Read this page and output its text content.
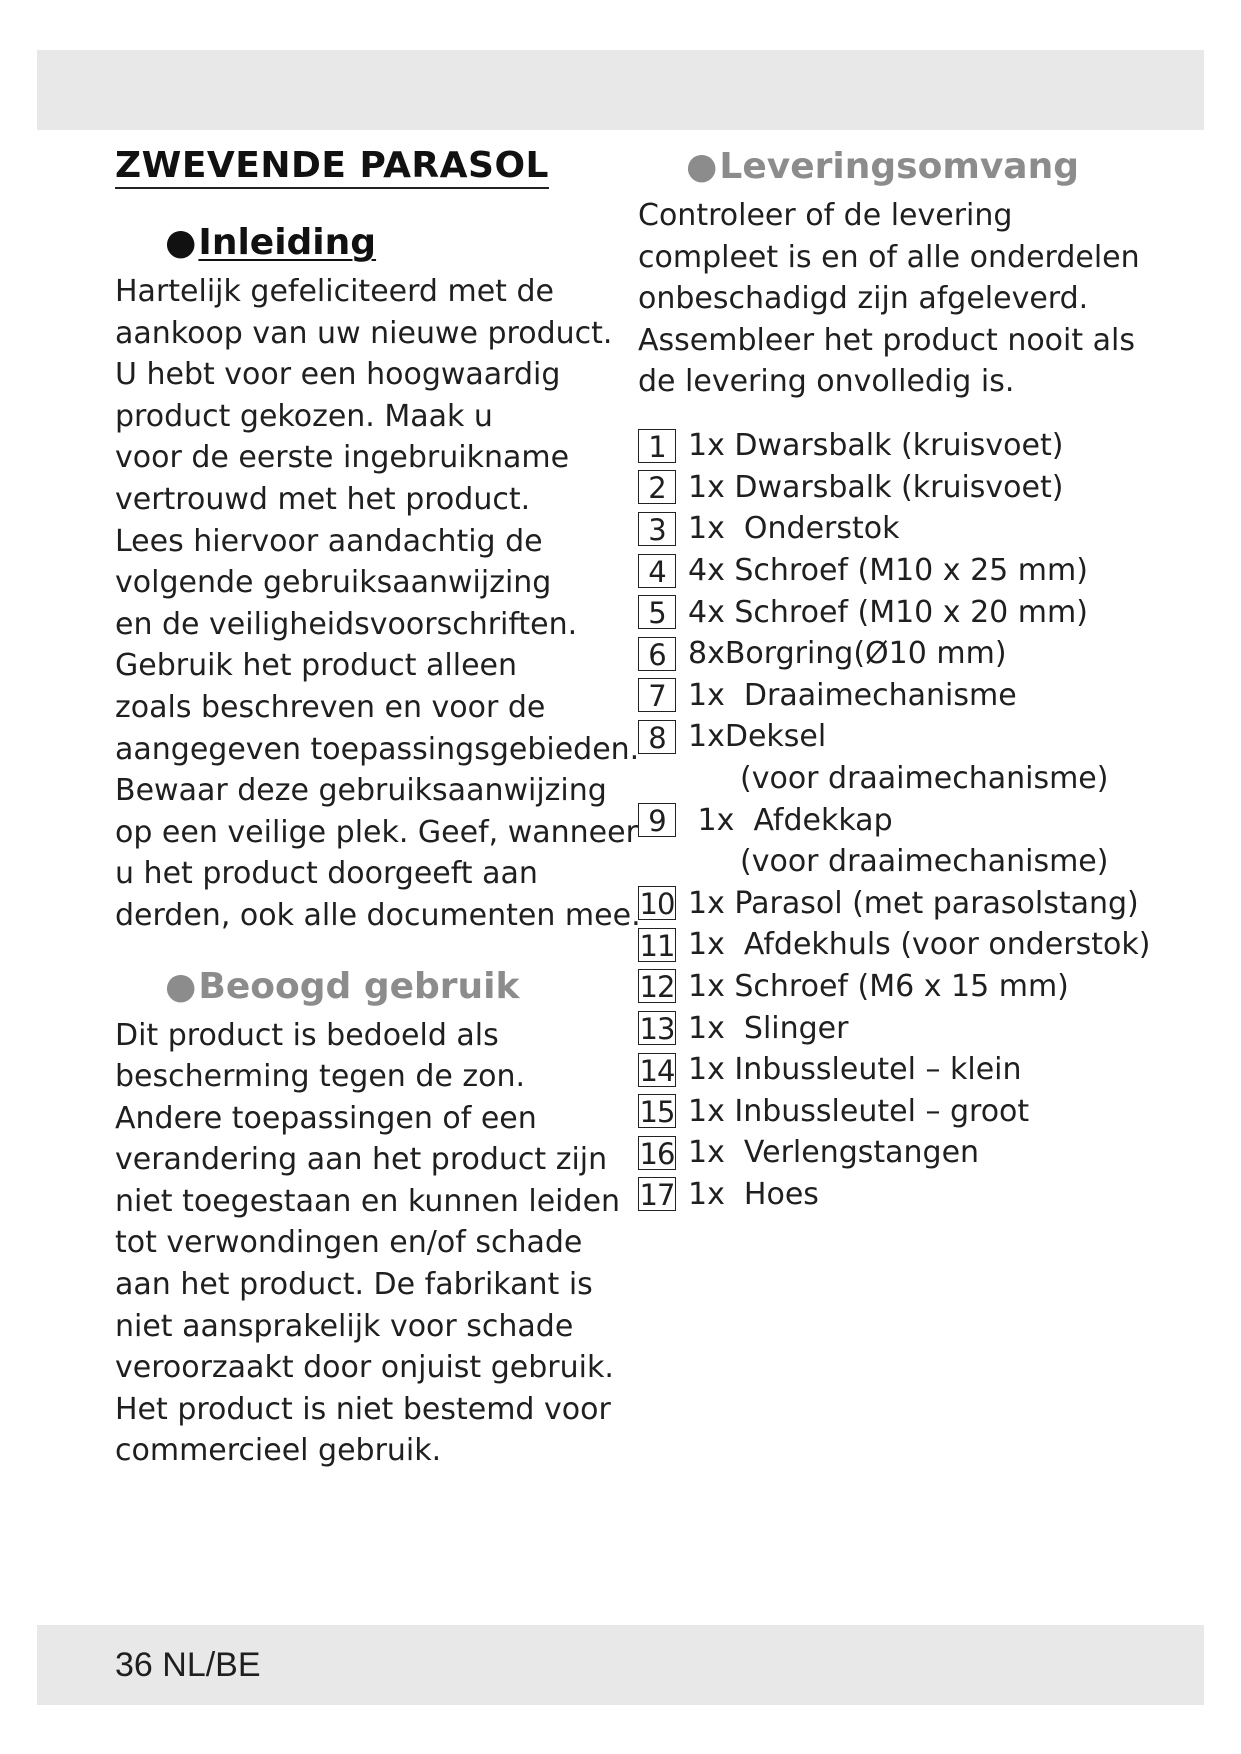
ZWEVENDE PARASOL
●Inleiding

Hartelijk gefeliciteerd met de
aankoop van uw nieuwe product.
U hebt voor een hoogwaardig
product gekozen. Maak u
voor de eerste ingebruikname
vertrouwd met het product.
Lees hiervoor aandachtig de
volgende gebruiksaanwijzing
en de veiligheidsvoorschriften.
Gebruik het product alleen
zoals beschreven en voor de
aangegeven toepassingsgebieden.
Bewaar deze gebruiksaanwijzing
op een veilige plek. Geef, wanneer
u het product doorgeeft aan
derden, ook alle documenten mee.

●Beoogd gebruik

Dit product is bedoeld als
bescherming tegen de zon.
Andere toepassingen of een
verandering aan het product zijn
niet toegestaan en kunnen leiden
tot verwondingen en/of schade
aan het product. De fabrikant is
niet aansprakelijk voor schade
veroorzaakt door onjuist gebruik.
Het product is niet bestemd voor
commercieel gebruik.

●Leveringsomvang

Controleer of de levering
compleet is en of alle onderdelen
onbeschadigd zijn afgeleverd.
Assembleer het product nooit als
de levering onvolledig is.

1 1x Dwarsbalk (kruisvoet)
2 1x Dwarsbalk (kruisvoet)
3 1x  Onderstok
4 4x Schroef (M10 x 25 mm)
5 4x Schroef (M10 x 20 mm)
6 8xBorgring(Ø10 mm)
7 1x  Draaimechanisme
8 1xDeksel
(voor draaimechanisme)
9 1x  Afdekkap
(voor draaimechanisme)
10 1x Parasol (met parasolstang)
11 1x  Afdekhuls (voor onderstok)
12 1x Schroef (M6 x 15 mm)
13 1x  Slinger
14 1x Inbussleutel – klein
15 1x Inbussleutel – groot
16 1x  Verlengstangen
17 1x  Hoes
36 NL/BE
